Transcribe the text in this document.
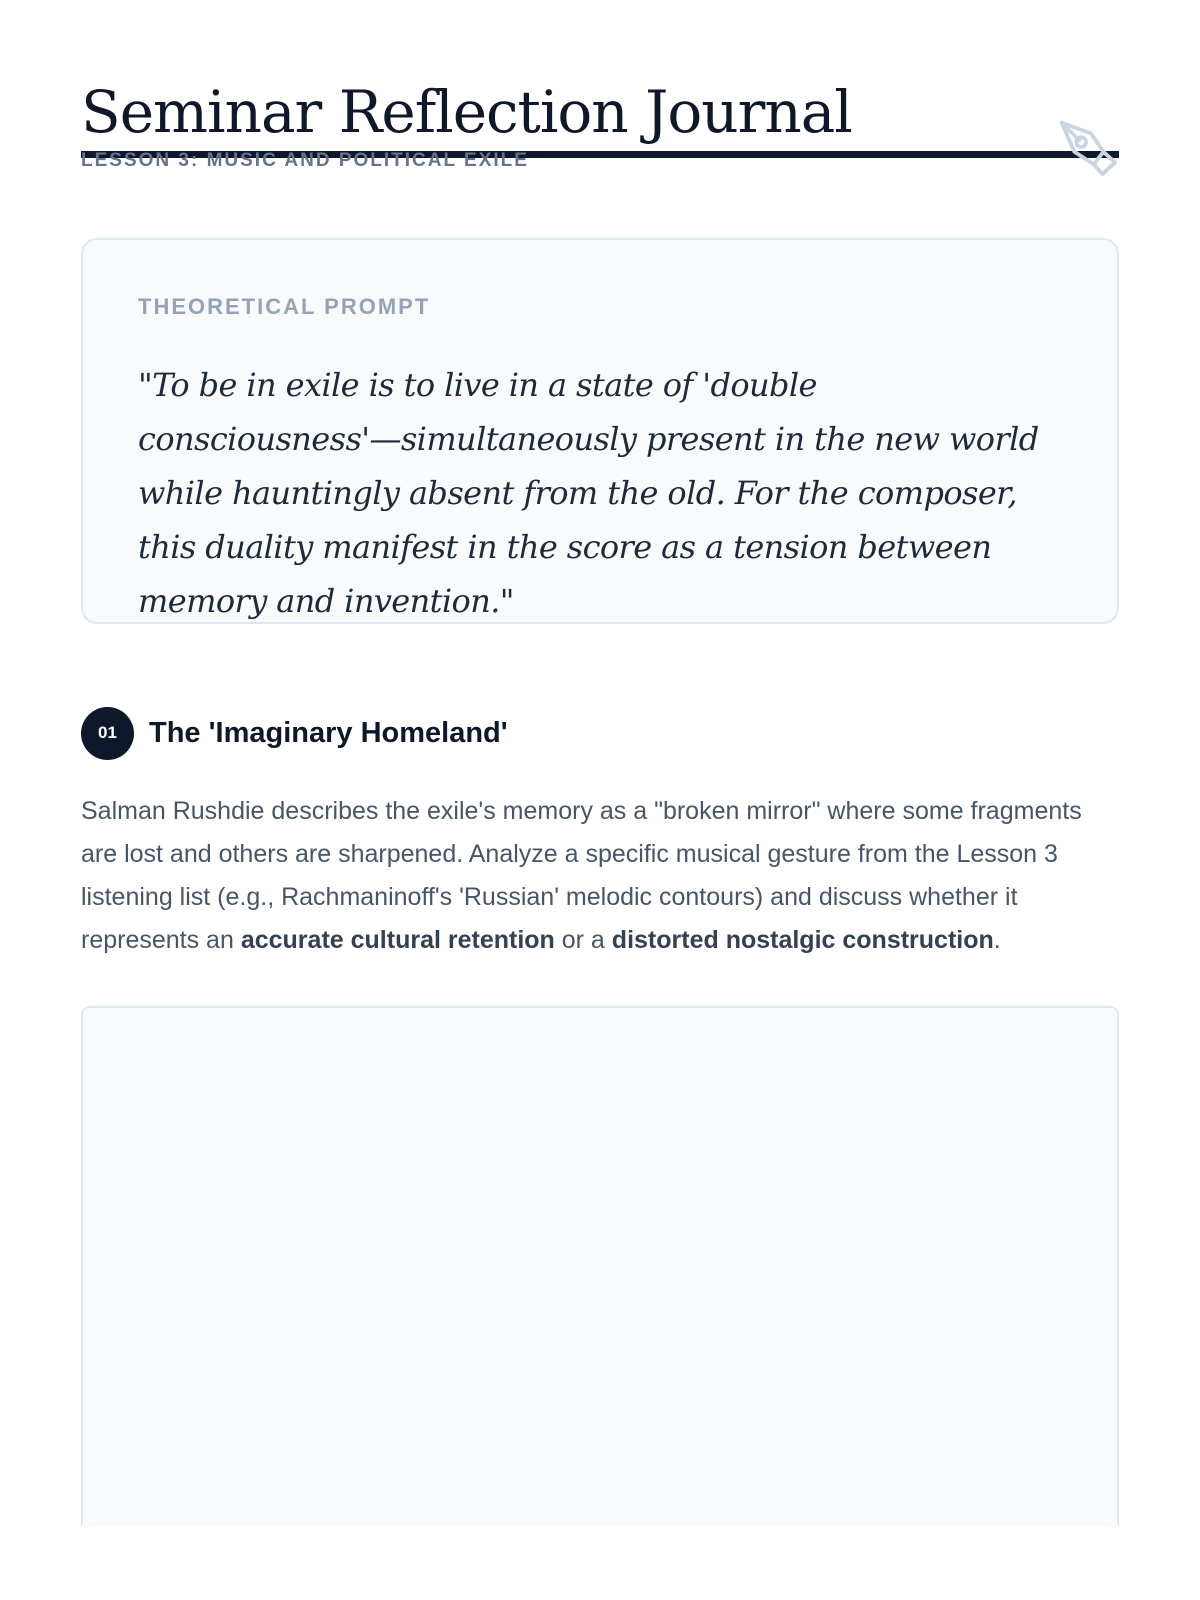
Seminar Reflection Journal
LESSON 3: MUSIC AND POLITICAL EXILE
THEORETICAL PROMPT

"To be in exile is to live in a state of 'double consciousness'—simultaneously present in the new world while hauntingly absent from the old. For the composer, this duality manifest in the score as a tension between memory and invention."

01	The 'Imaginary Homeland'

Salman Rushdie describes the exile's memory as a "broken mirror" where some fragments are lost and others are sharpened. Analyze a specific musical gesture from the Lesson 3 listening list (e.g., Rachmaninoff's 'Russian' melodic contours) and discuss whether it represents an accurate cultural retention or a distorted nostalgic construction.
